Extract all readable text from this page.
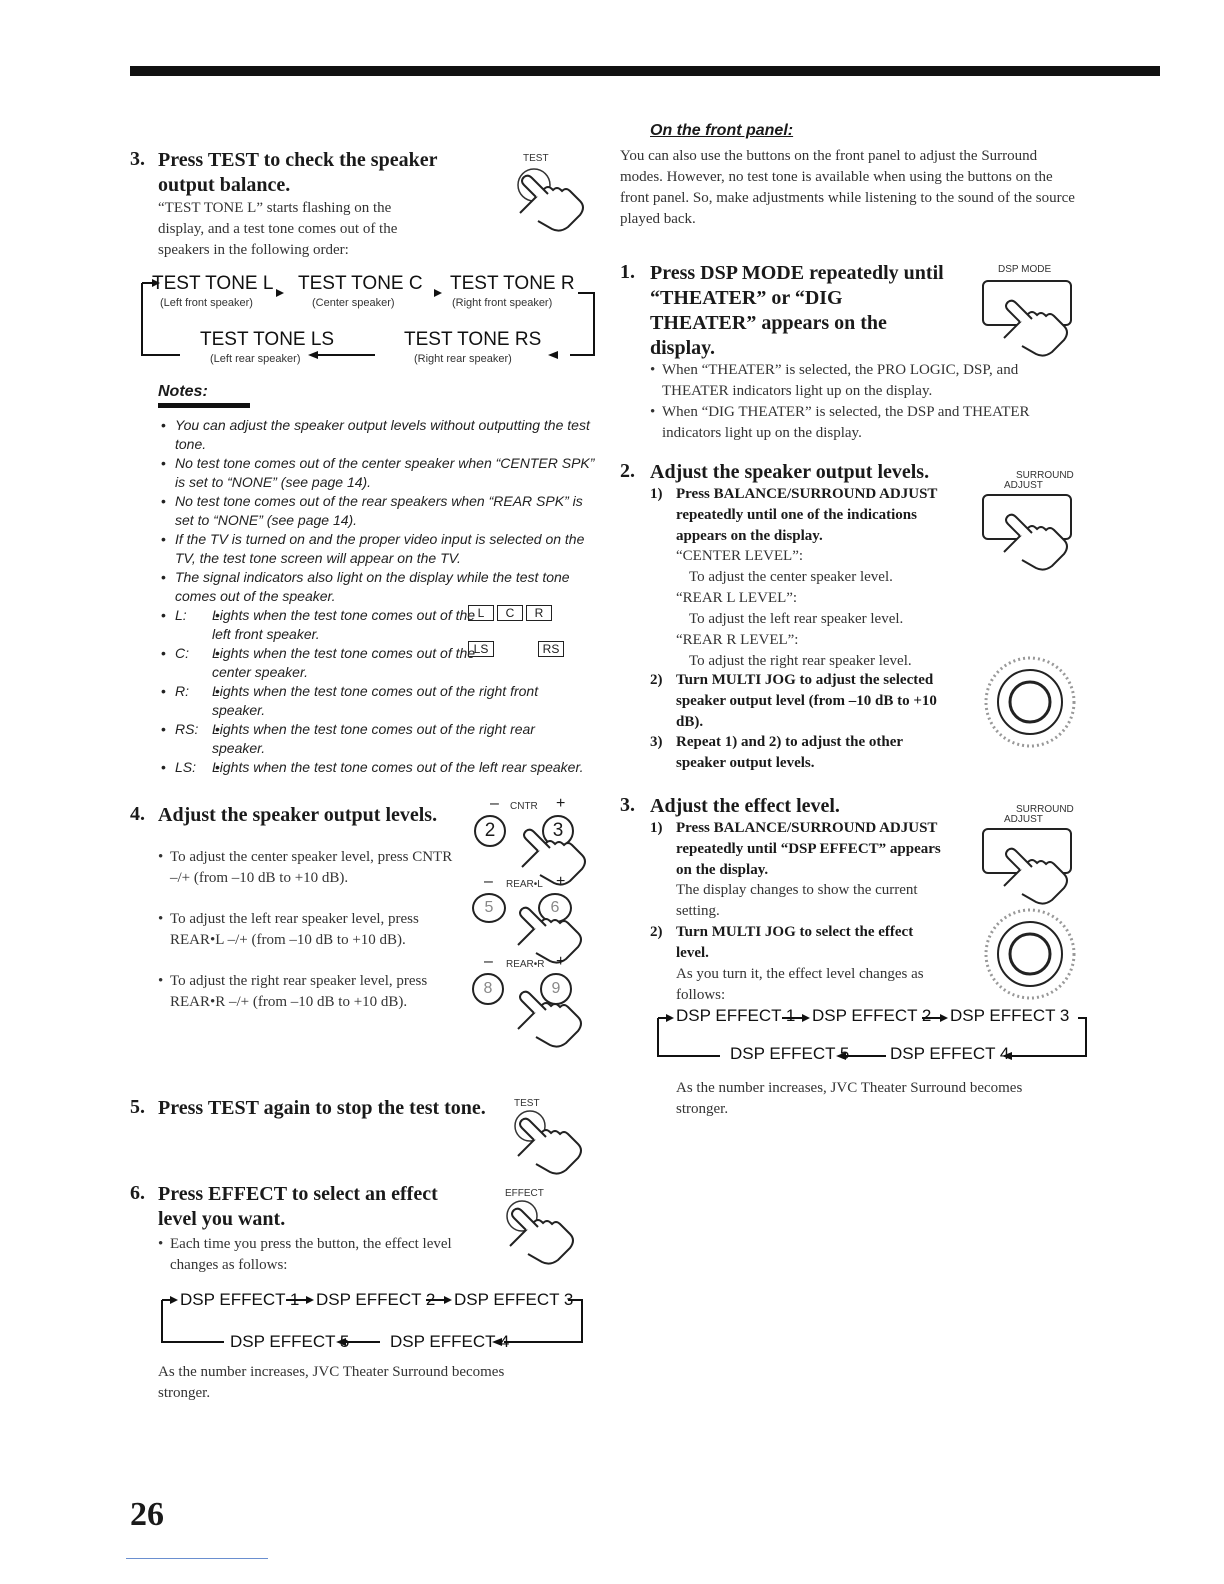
3. Press TEST to check the speaker
output balance.
“TEST TONE L” starts flashing on the display, and a test tone comes out of the speakers in the following order:
TEST
TEST TONE L
(Left front speaker)
TEST TONE C
(Center speaker)
TEST TONE R
(Right front speaker)
TEST TONE LS
(Left rear speaker)
TEST TONE RS
(Right rear speaker)
Notes:
• You can adjust the speaker output levels without outputting the test tone.
• No test tone comes out of the center speaker when “CENTER SPK” is set to “NONE” (see page 14).
• No test tone comes out of the rear speakers when “REAR SPK” is set to “NONE” (see page 14).
• If the TV is turned on and the proper video input is selected on the TV, the test tone screen will appear on the TV.
• The signal indicators also light on the display while the test tone comes out of the speaker.
• L: • Lights when the test tone comes out of the left front speaker.
• C: • Lights when the test tone comes out of the center speaker.
• R: • Lights when the test tone comes out of the right front speaker.
• RS: • Lights when the test tone comes out of the right rear speaker.
• LS: • Lights when the test tone comes out of the left rear speaker.
L	C	R
LS	RS
4. Adjust the speaker output levels.
• To adjust the center speaker level, press CNTR –/+ (from –10 dB to +10 dB).
• To adjust the left rear speaker level, press REAR•L –/+ (from –10 dB to +10 dB).
• To adjust the right rear speaker level, press REAR•R –/+ (from –10 dB to +10 dB).
– CNTR +
2	3
– REAR•L +
5	6
– REAR•R +
8	9
5. Press TEST again to stop the test tone.	TEST
6. Press EFFECT to select an effect
level you want.
• Each time you press the button, the effect level changes as follows:
EFFECT
DSP EFFECT 1 DSP EFFECT 2 DSP EFFECT 3
DSP EFFECT 4
DSP EFFECT 5
As the number increases, JVC Theater Surround becomes stronger.
On the front panel:
You can also use the buttons on the front panel to adjust the Surround modes. However, no test tone is available when using the buttons on the front panel. So, make adjustments while listening to the sound of the source played back.
1. Press DSP MODE repeatedly until
“THEATER” or “DIG
THEATER” appears on the
display.
DSP MODE
• When “THEATER” is selected, the PRO LOGIC, DSP, and THEATER indicators light up on the display.
• When “DIG THEATER” is selected, the DSP and THEATER indicators light up on the display.
2. Adjust the speaker output levels.	SURROUND
ADJUST
1) Press BALANCE/SURROUND ADJUST repeatedly until one of the indications appears on the display.
“CENTER LEVEL”:
To adjust the center speaker level.
“REAR L LEVEL”:
To adjust the left rear speaker level.
“REAR R LEVEL”:
To adjust the right rear speaker level.
2) Turn MULTI JOG to adjust the selected speaker output level (from –10 dB to +10 dB).
3) Repeat 1) and 2) to adjust the other speaker output levels.
3. Adjust the effect level.	SURROUND
ADJUST
1) Press BALANCE/SURROUND ADJUST repeatedly until “DSP EFFECT” appears on the display.
The display changes to show the current setting.
2) Turn MULTI JOG to select the effect level.
As you turn it, the effect level changes as follows:
DSP EFFECT 1 DSP EFFECT 2 DSP EFFECT 3
DSP EFFECT 4
DSP EFFECT 5
As the number increases, JVC Theater Surround becomes stronger.
26
